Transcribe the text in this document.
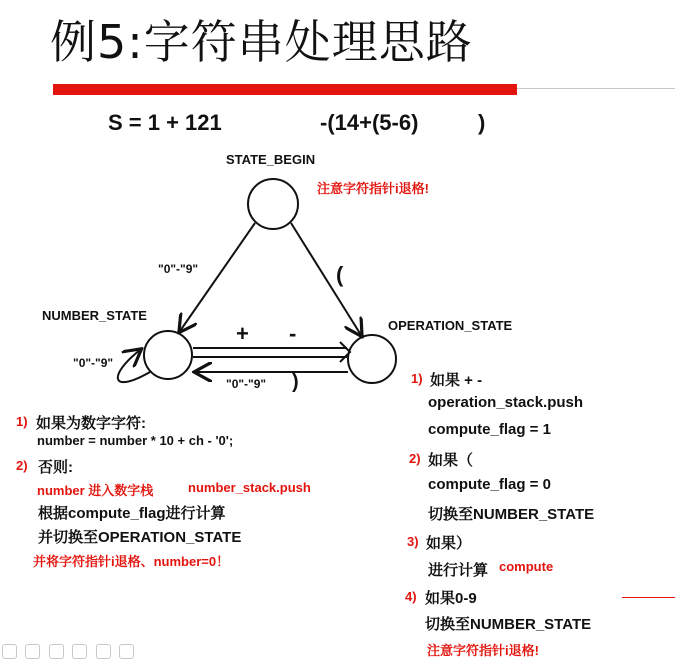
例5:字符串处理思路
S = 1 + 121	-(14+(5-6)	)
STATE_BEGIN
NUMBER_STATE
OPERATION_STATE
"0"-"9"	(
"0"-"9"
+ -
"0"-"9" )
注意字符指针i退格!
1) 如果为数字字符:
number = number * 10 + ch - '0';
2) 否则:
number 进入数字栈	number_stack.push
根据compute_flag进行计算
并切换至OPERATION_STATE
并将字符指针i退格、number=0！
1) 如果 + -
operation_stack.push
compute_flag = 1
2) 如果（
compute_flag = 0
切换至NUMBER_STATE
3) 如果）
进行计算 compute
4) 如果0-9
切换至NUMBER_STATE
注意字符指针i退格!
